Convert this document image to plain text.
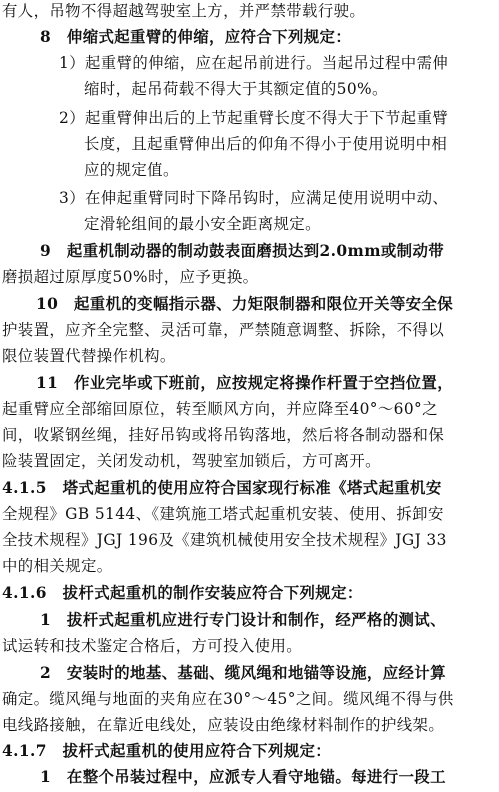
有人，吊物不得超越驾驶室上方，并严禁带载行驶。
8　伸缩式起重臂的伸缩，应符合下列规定：
1）起重臂的伸缩，应在起吊前进行。当起吊过程中需伸
缩时，起吊荷载不得大于其额定值的50%。
2）起重臂伸出后的上节起重臂长度不得大于下节起重臂
长度，且起重臂伸出后的仰角不得小于使用说明中相
应的规定值。
3）在伸起重臂同时下降吊钩时，应满足使用说明中动、
定滑轮组间的最小安全距离规定。
9　起重机制动器的制动鼓表面磨损达到2.0mm或制动带
磨损超过原厚度50%时，应予更换。
10　起重机的变幅指示器、力矩限制器和限位开关等安全保
护装置，应齐全完整、灵活可靠，严禁随意调整、拆除，不得以
限位装置代替操作机构。
11　作业完毕或下班前，应按规定将操作杆置于空挡位置，
起重臂应全部缩回原位，转至顺风方向，并应降至40°～60°之
间，收紧钢丝绳，挂好吊钩或将吊钩落地，然后将各制动器和保
险装置固定，关闭发动机，驾驶室加锁后，方可离开。
4.1.5　塔式起重机的使用应符合国家现行标准《塔式起重机安
全规程》GB 5144、《建筑施工塔式起重机安装、使用、拆卸安
全技术规程》JGJ 196及《建筑机械使用安全技术规程》JGJ 33
中的相关规定。
4.1.6　拔杆式起重机的制作安装应符合下列规定：
1　拔杆式起重机应进行专门设计和制作，经严格的测试、
试运转和技术鉴定合格后，方可投入使用。
2　安装时的地基、基础、缆风绳和地锚等设施，应经计算
确定。缆风绳与地面的夹角应在30°～45°之间。缆风绳不得与供
电线路接触，在靠近电线处，应装设由绝缘材料制作的护线架。
4.1.7　拔杆式起重机的使用应符合下列规定：
1　在整个吊装过程中，应派专人看守地锚。每进行一段工
